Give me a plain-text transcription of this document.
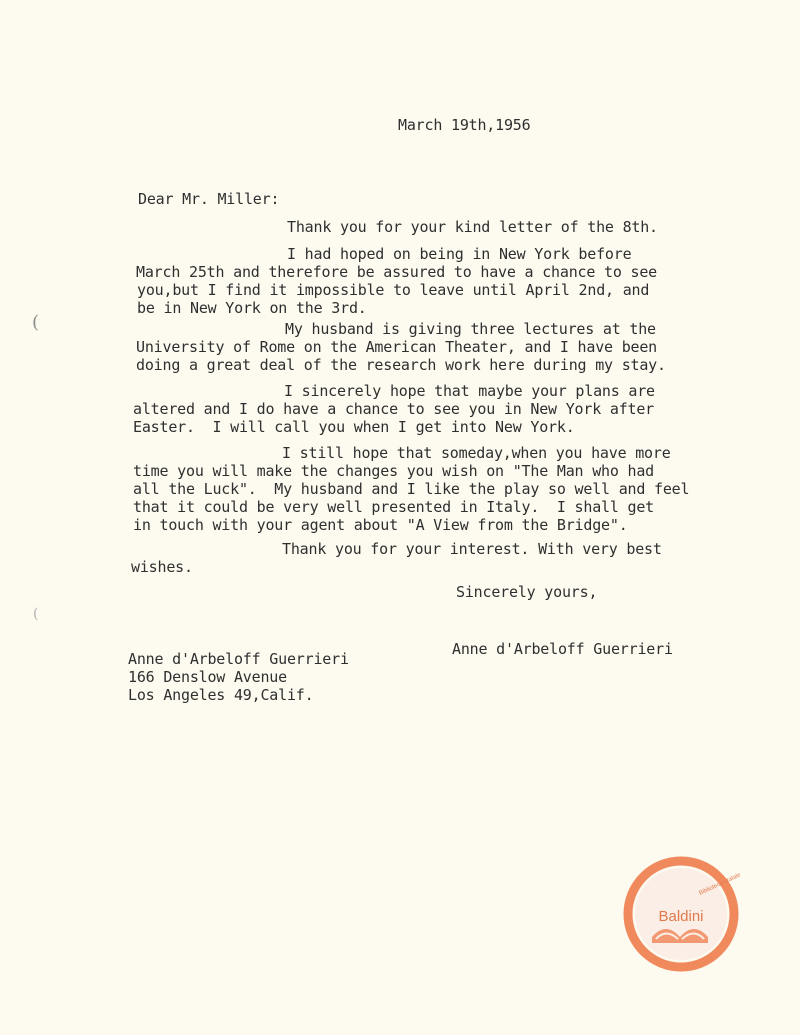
March 19th,1956
Dear Mr. Miller:
Thank you for your kind letter of the 8th.
I had hoped on being in New York before
March 25th and therefore be assured to have a chance to see
you,but I find it impossible to leave until April 2nd, and
be in New York on the 3rd.
My husband is giving three lectures at the
University of Rome on the American Theater, and I have been
doing a great deal of the research work here during my stay.
I sincerely hope that maybe your plans are
altered and I do have a chance to see you in New York after
Easter.  I will call you when I get into New York.
I still hope that someday,when you have more
time you will make the changes you wish on "The Man who had
all the Luck".  My husband and I like the play so well and feel
that it could be very well presented in Italy.  I shall get
in touch with your agent about "A View from the Bridge".
Thank you for your interest. With very best
wishes.
Sincerely yours,
Anne d'Arbeloff Guerrieri
Anne d'Arbeloff Guerrieri
166 Denslow Avenue
Los Angeles 49,Calif.
(
(
Biblioteca statale
Baldini
